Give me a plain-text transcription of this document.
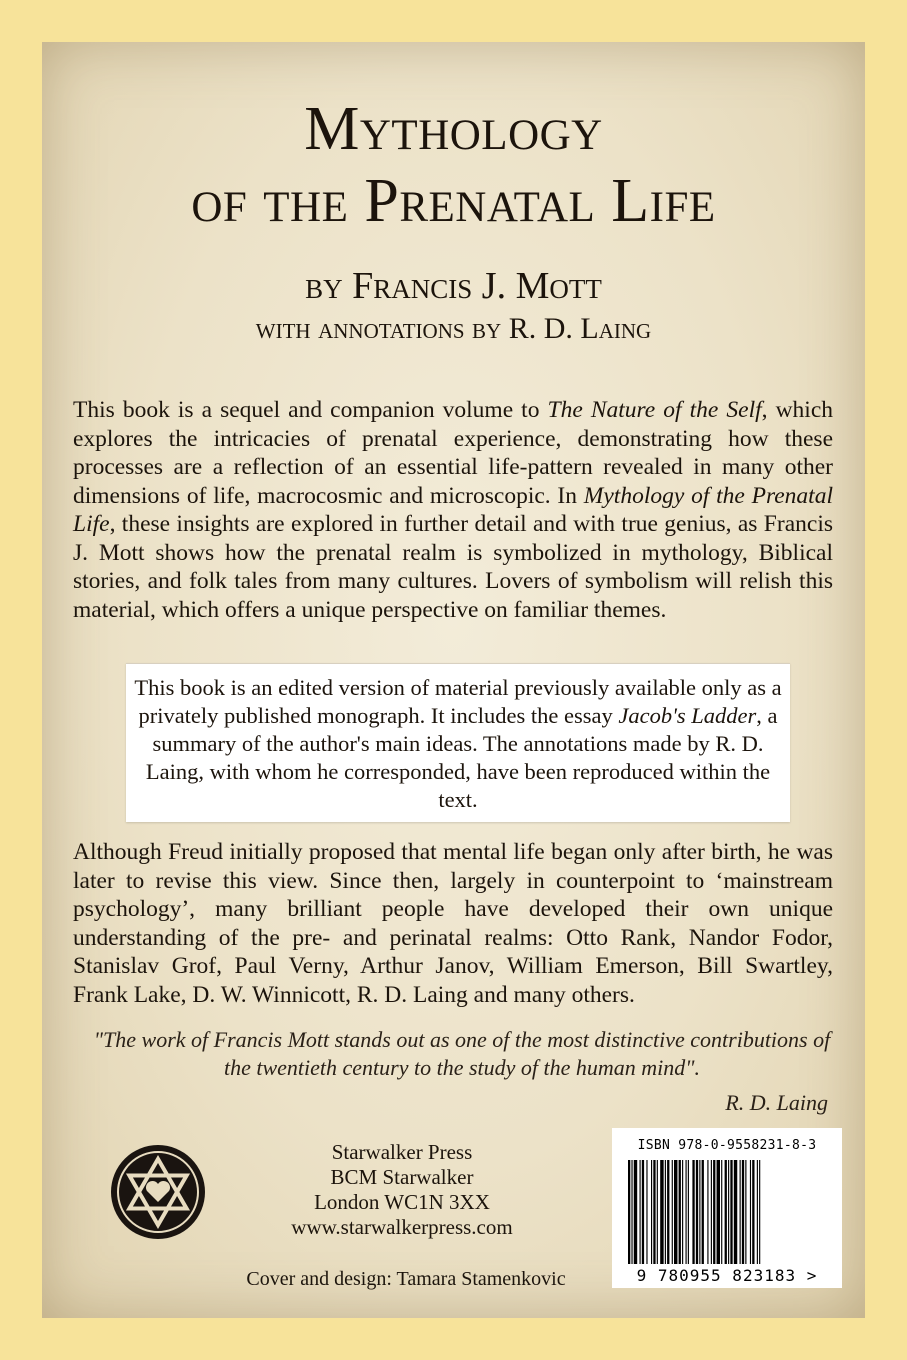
Mythology
of the Prenatal Life
by Francis J. Mott
with annotations by R. D. Laing

This book is a sequel and companion volume to The Nature of the Self, which explores the intricacies of prenatal experience, demonstrating how these processes are a reflection of an essential life-pattern revealed in many other dimensions of life, macrocosmic and microscopic. In Mythology of the Prenatal Life, these insights are explored in further detail and with true genius, as Francis J. Mott shows how the prenatal realm is symbolized in mythology, Biblical stories, and folk tales from many cultures. Lovers of symbolism will relish this material, which offers a unique perspective on familiar themes.

This book is an edited version of material previously available only as a privately published monograph. It includes the essay Jacob's Ladder, a summary of the author's main ideas. The annotations made by R. D. Laing, with whom he corresponded, have been reproduced within the text.

Although Freud initially proposed that mental life began only after birth, he was later to revise this view. Since then, largely in counterpoint to ‘mainstream psychology’, many brilliant people have developed their own unique understanding of the pre- and perinatal realms: Otto Rank, Nandor Fodor, Stanislav Grof, Paul Verny, Arthur Janov, William Emerson, Bill Swartley, Frank Lake, D. W. Winnicott, R. D. Laing and many others.

"The work of Francis Mott stands out as one of the most distinctive contributions of the twentieth century to the study of the human mind".

R. D. Laing
Starwalker Press
BCM Starwalker
London WC1N 3XX
www.starwalkerpress.com
Cover and design: Tamara Stamenkovic
ISBN 978-0-9558231-8-3
9 780955 823183 >
